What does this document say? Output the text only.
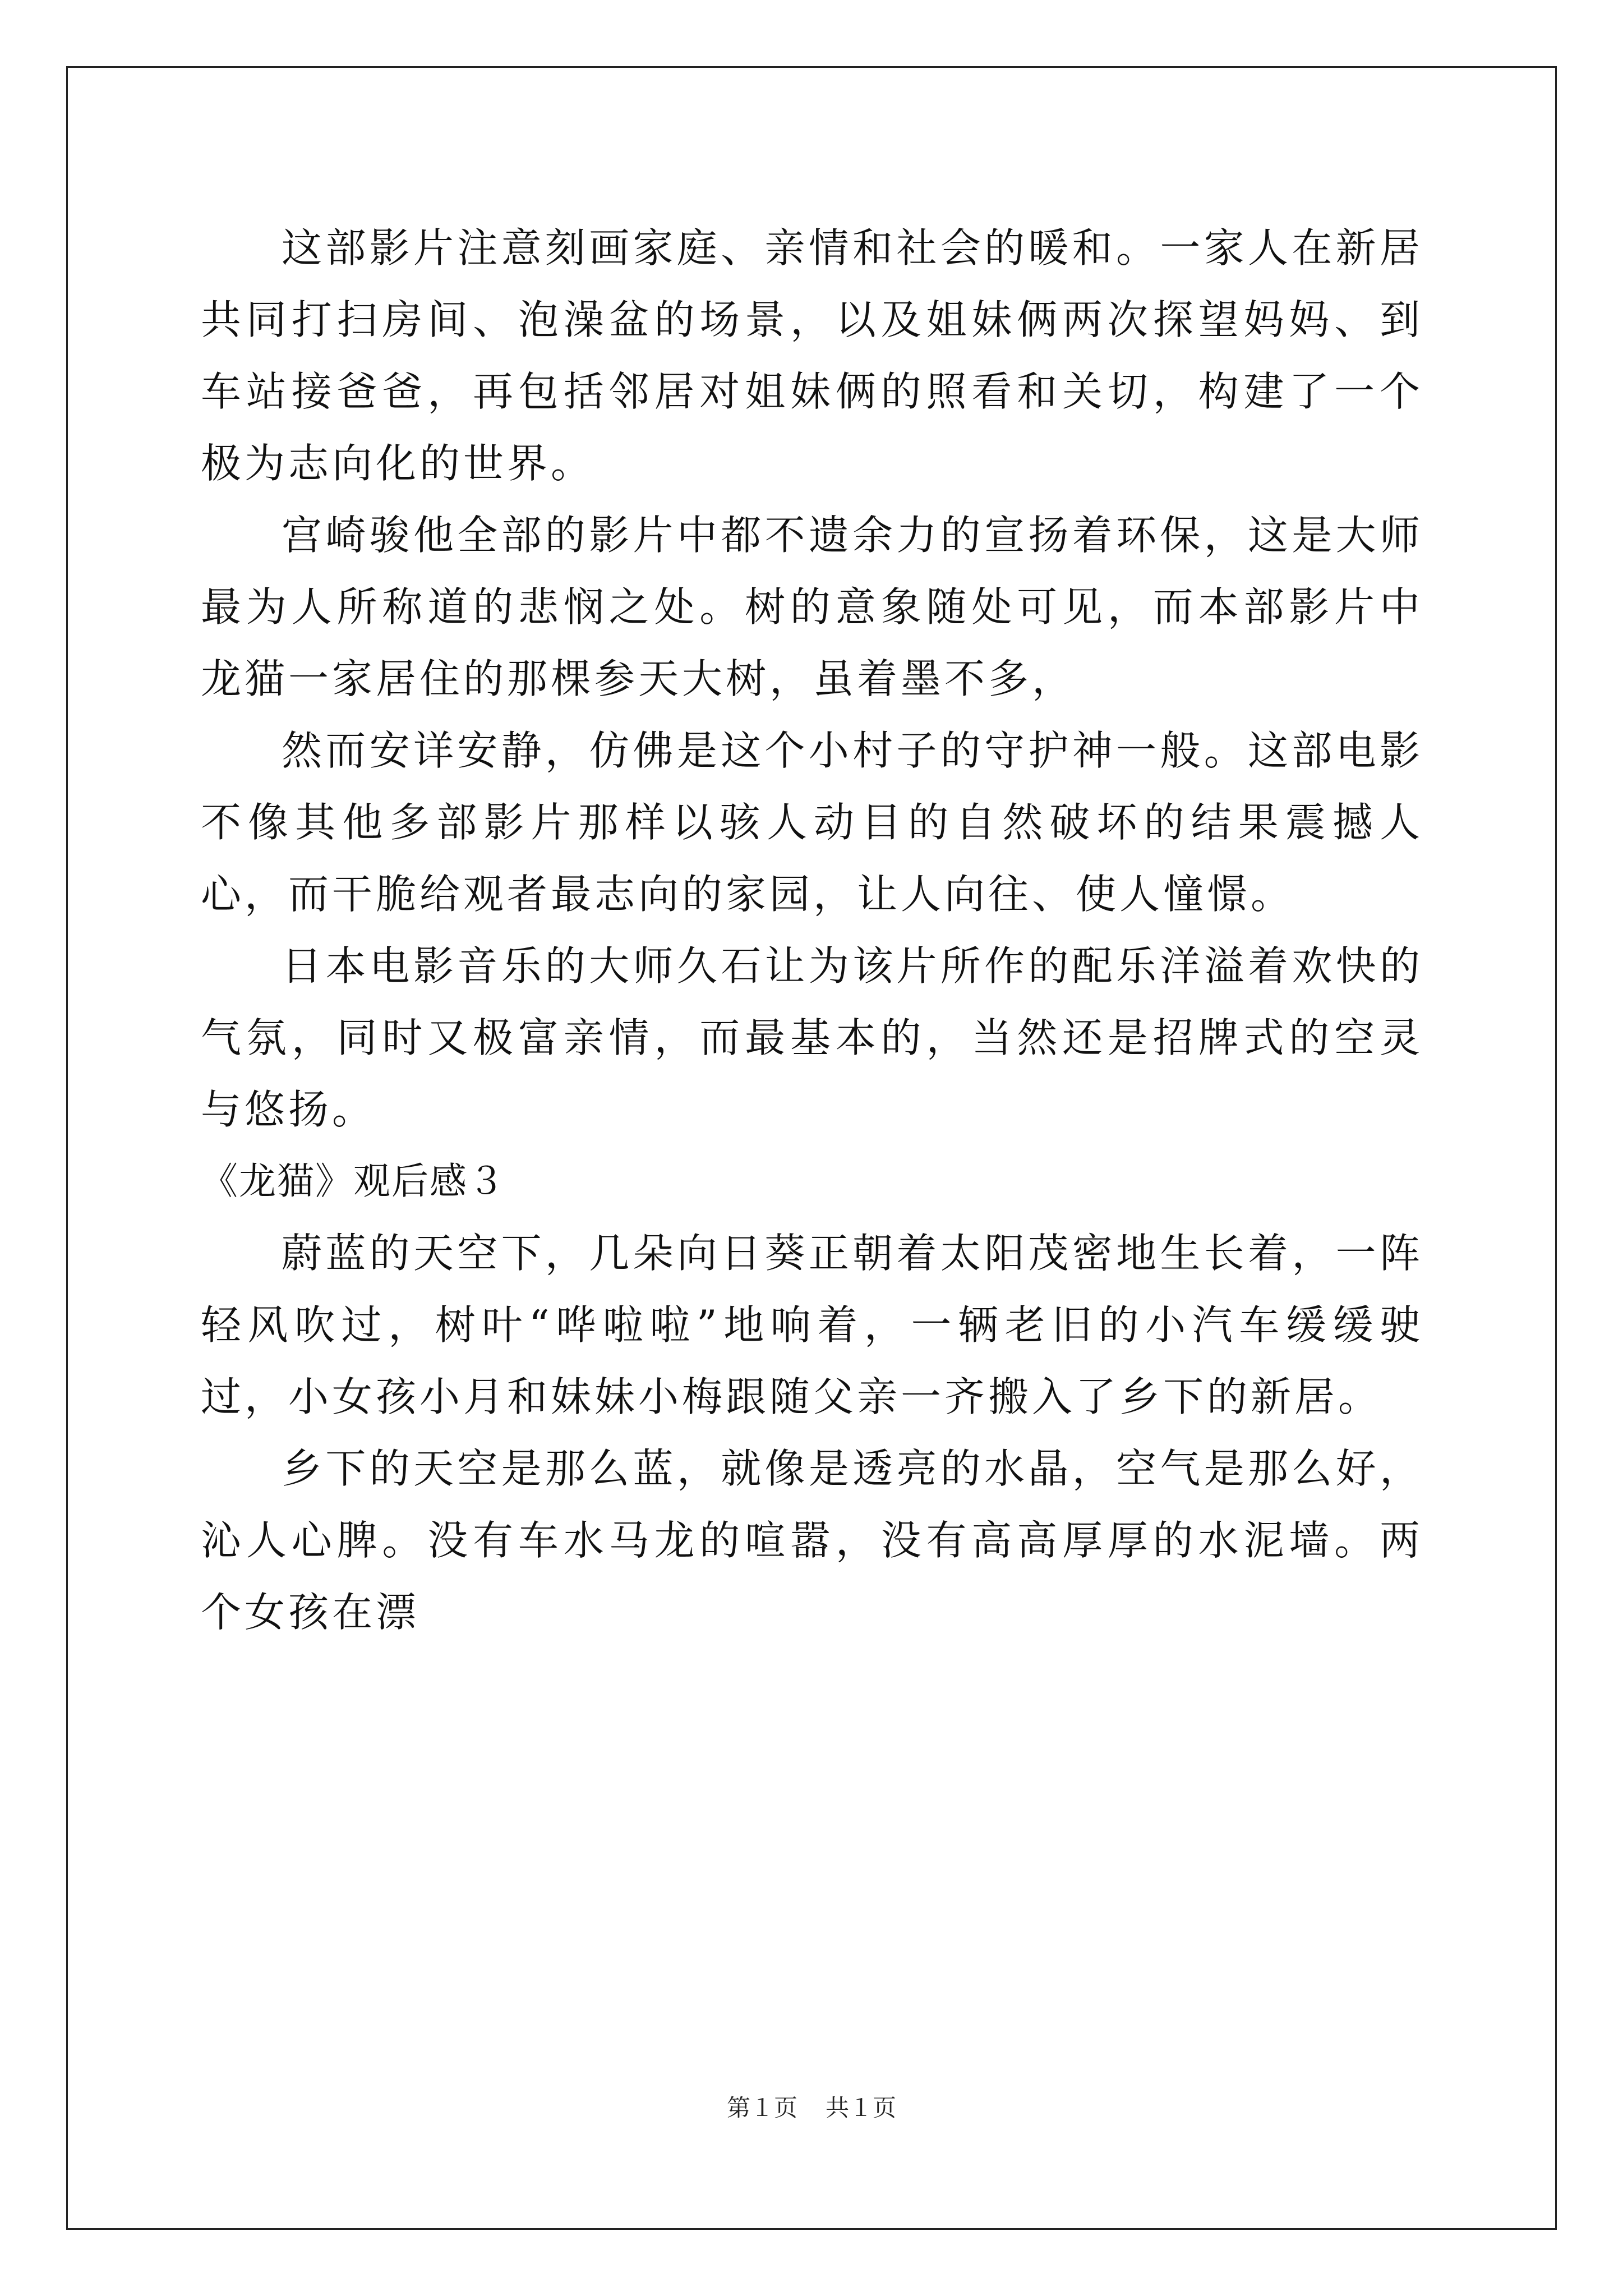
这部影片注意刻画家庭、亲情和社会的暖和。一家人在新居共同打扫房间、泡澡盆的场景，以及姐妹俩两次探望妈妈、到车站接爸爸，再包括邻居对姐妹俩的照看和关切，构建了一个极为志向化的世界。

宫崎骏他全部的影片中都不遗余力的宣扬着环保，这是大师最为人所称道的悲悯之处。树的意象随处可见，而本部影片中龙猫一家居住的那棵参天大树，虽着墨不多，

然而安详安静，仿佛是这个小村子的守护神一般。这部电影不像其他多部影片那样以骇人动目的自然破坏的结果震撼人心，而干脆给观者最志向的家园，让人向往、使人憧憬。

日本电影音乐的大师久石让为该片所作的配乐洋溢着欢快的气氛，同时又极富亲情，而最基本的，当然还是招牌式的空灵与悠扬。

《龙猫》观后感３

蔚蓝的天空下，几朵向日葵正朝着太阳茂密地生长着，一阵轻风吹过，树叶“哗啦啦”地响着，一辆老旧的小汽车缓缓驶过，小女孩小月和妹妹小梅跟随父亲一齐搬入了乡下的新居。

乡下的天空是那么蓝，就像是透亮的水晶，空气是那么好，沁人心脾。没有车水马龙的喧嚣，没有高高厚厚的水泥墙。两个女孩在漂

第１页 共１页
